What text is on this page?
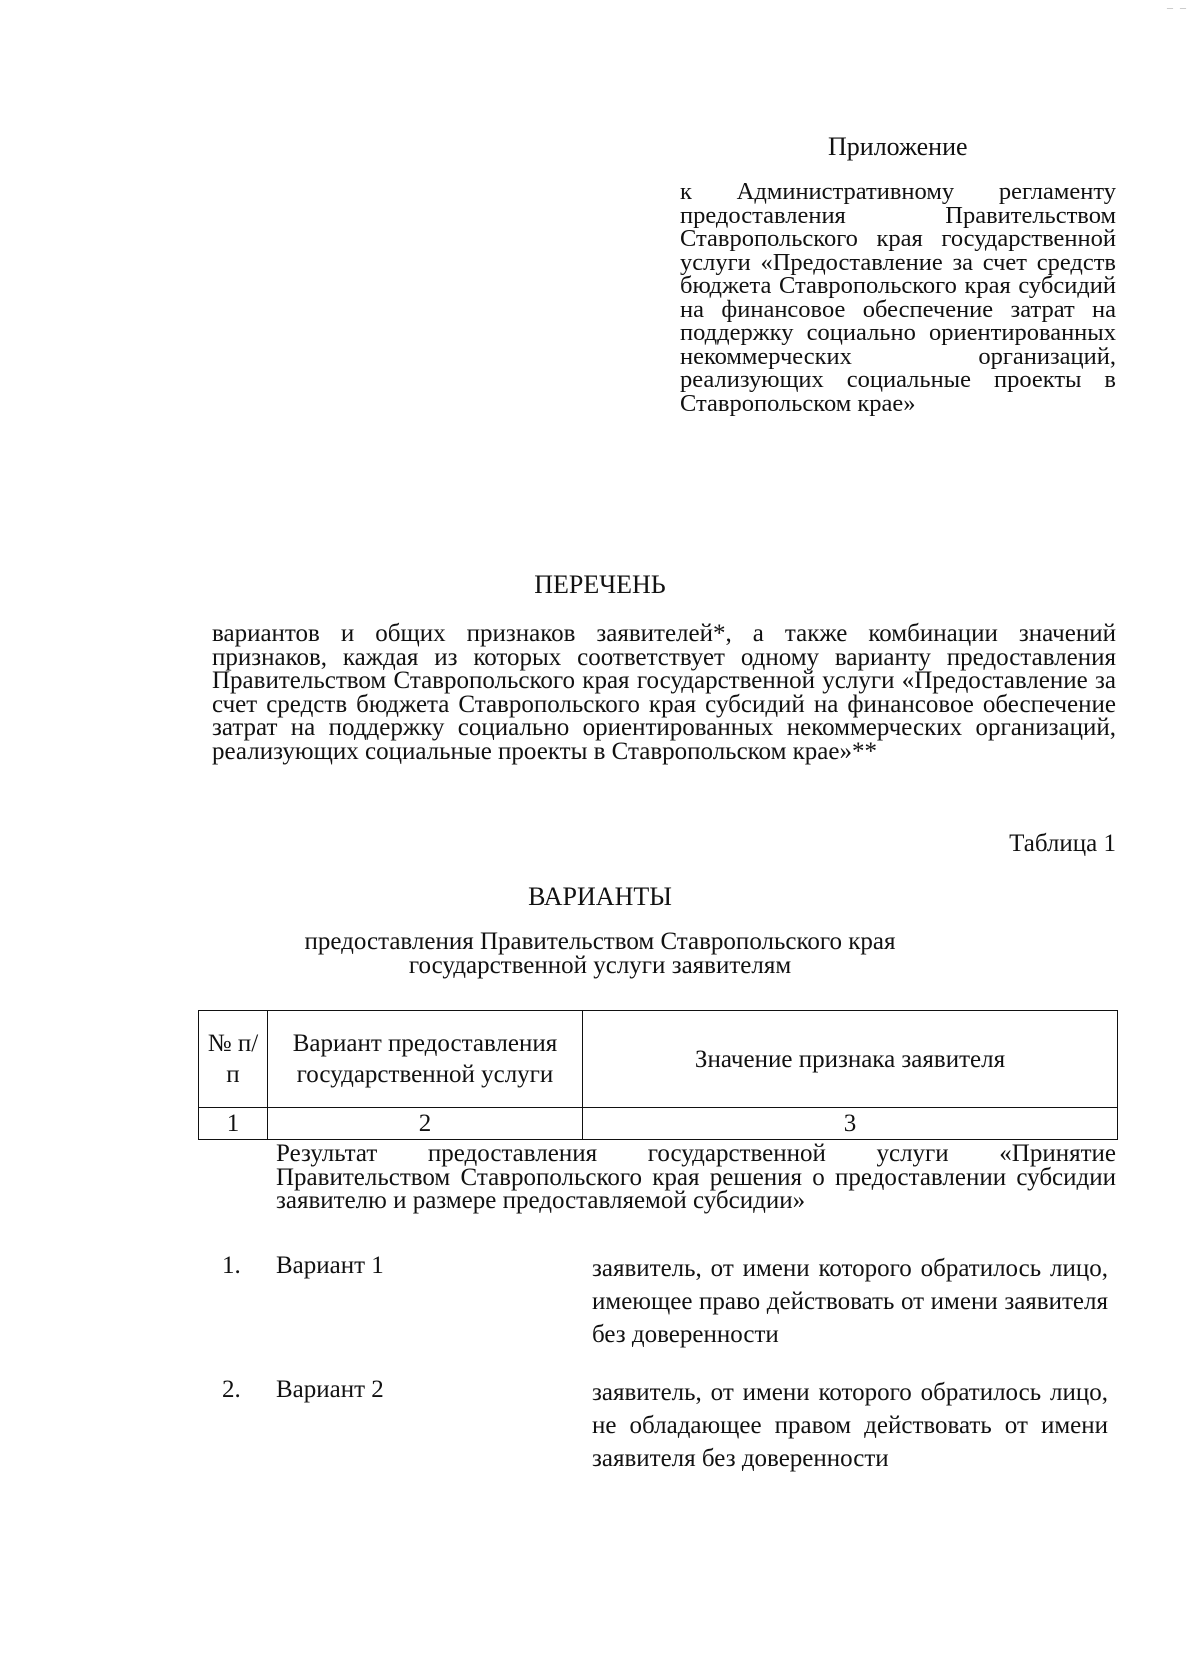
– –
Приложение
к Административному регламенту предоставления Правительством Ставропольского края государственной услуги «Предоставление за счет средств бюджета Ставропольского края субсидий на финансовое обеспечение затрат на поддержку социально ориентированных некоммерческих организаций, реализующих социальные проекты в Ставропольском крае»
ПЕРЕЧЕНЬ
вариантов и общих признаков заявителей*, а также комбинации значений признаков, каждая из которых соответствует одному варианту предоставления Правительством Ставропольского края государственной услуги «Предоставление за счет средств бюджета Ставропольского края субсидий на финансовое обеспечение затрат на поддержку социально ориентированных некоммерческих организаций, реализующих социальные проекты в Ставропольском крае»**
Таблица 1
ВАРИАНТЫ
предоставления Правительством Ставропольского края государственной услуги заявителям
№ п/п	Вариант предоставления государственной услуги	Значение признака заявителя
1	2	3
Результат предоставления государственной услуги «Принятие Правительством Ставропольского края решения о предоставлении субсидии заявителю и размере предоставляемой субсидии»
1. Вариант 1	заявитель, от имени которого обратилось лицо, имеющее право действовать от имени заявителя без доверенности
2. Вариант 2	заявитель, от имени которого обратилось лицо, не обладающее правом действовать от имени заявителя без доверенности
